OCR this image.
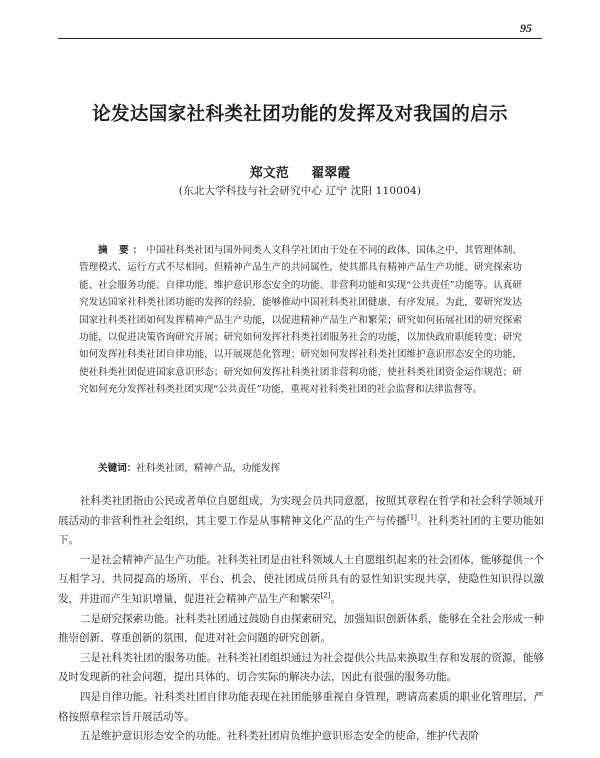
95
论发达国家社科类社团功能的发挥及对我国的启示
郑文范 翟翠霞
(东北大学科技与社会研究中心 辽宁 沈阳 110004)
摘 要：中国社科类社团与国外同类人文科学社团由于处在不同的政体、国体之中，其管理体制、管理模式、运行方式不尽相同。但精神产品生产的共同属性，使其都具有精神产品生产功能、研究探索功能、社会服务功能、自律功能、维护意识形态安全的功能、非营利功能和实现“公共责任”功能等。认真研究发达国家社科类社团功能的发挥的经验，能够推动中国社科类社团健康、有序发展。为此，要研究发达国家社科类社团如何发挥精神产品生产功能，以促进精神产品生产和繁荣；研究如何拓展社团的研究探索功能，以促进决策咨询研究开展；研究如何发挥社科类社团服务社会的功能，以加快政府职能转变；研究如何发挥社科类社团自律功能，以开展规范化管理；研究如何发挥社科类社团维护意识形态安全的功能，使社科类社团促进国家意识形态；研究如何发挥社科类社团非营利功能，使社科类社团资金运作规范；研究如何充分发挥社科类社团实现“公共责任”功能，重视对社科类社团的社会监督和法律监督等。
关键词：社科类社团，精神产品，功能发挥

社科类社团指由公民或者单位自愿组成，为实现会员共同意愿，按照其章程在哲学和社会科学领域开展活动的非营利性社会组织，其主要工作是从事精神文化产品的生产与传播[1]。社科类社团的主要功能如下。

一是社会精神产品生产功能。社科类社团是由社科领域人士自愿组织起来的社会团体，能够提供一个互相学习、共同提高的场所、平台、机会，使社团成员所具有的显性知识实现共享，使隐性知识得以激发，并进而产生知识增量，促进社会精神产品生产和繁荣[2]。

二是研究探索功能。社科类社团通过鼓励自由探索研究，加强知识创新体系，能够在全社会形成一种推崇创新、尊重创新的氛围，促进对社会问题的研究创新。

三是社科类社团的服务功能。社科类社团组织通过为社会提供公共品来换取生存和发展的资源，能够及时发现新的社会问题，提出具体的、切合实际的解决办法，因此有很强的服务功能。

四是自律功能。社科类社团自律功能表现在社团能够重视自身管理，聘请高素质的职业化管理层，严格按照章程宗旨开展活动等。

五是维护意识形态安全的功能。社科类社团肩负维护意识形态安全的使命，维护代表阶
